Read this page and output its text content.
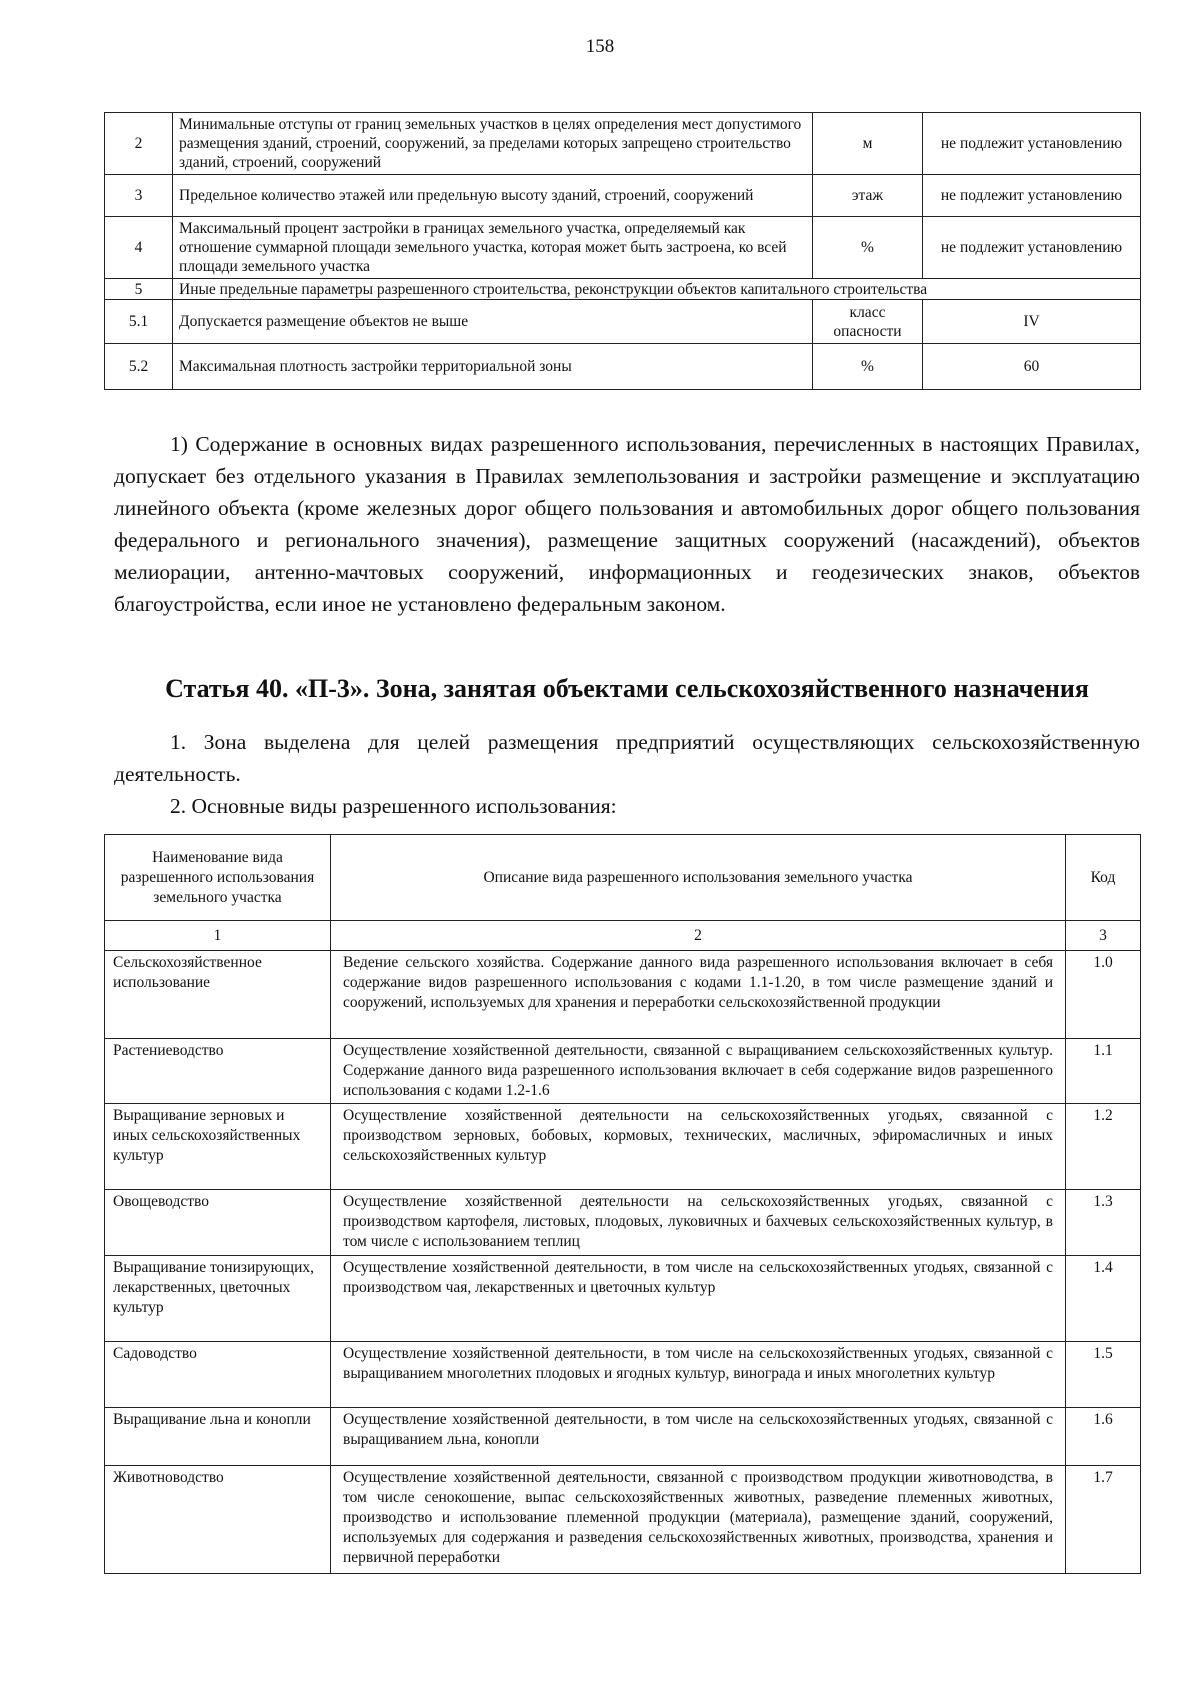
158
2	Минимальные отступы от границ земельных участков в целях определения мест допустимого размещения зданий, строений, сооружений, за пределами которых запрещено строительство зданий, строений, сооружений	м	не подлежит установлению
3	Предельное количество этажей или предельную высоту зданий, строений, сооружений	этаж	не подлежит установлению
4	Максимальный процент застройки в границах земельного участка, определяемый как отношение суммарной площади земельного участка, которая может быть застроена, ко всей площади земельного участка	%	не подлежит установлению
5	Иные предельные параметры разрешенного строительства, реконструкции объектов капитального строительства		
5.1	Допускается размещение объектов не выше	класс опасности	IV
5.2	Максимальная плотность застройки территориальной зоны	%	60
1) Содержание в основных видах разрешенного использования, перечисленных в настоящих Правилах, допускает без отдельного указания в Правилах землепользования и застройки размещение и эксплуатацию линейного объекта (кроме железных дорог общего пользования и автомобильных дорог общего пользования федерального и регионального значения), размещение защитных сооружений (насаждений), объектов мелиорации, антенно-мачтовых сооружений, информационных и геодезических знаков, объектов благоустройства, если иное не установлено федеральным законом.
Статья 40. «П-3». Зона, занятая объектами сельскохозяйственного назначения
1. Зона выделена для целей размещения предприятий осуществляющих сельскохозяйственную деятельность.
2. Основные виды разрешенного использования:
Наименование вида разрешенного использования земельного участка	Описание вида разрешенного использования земельного участка	Код
1	2	3
Сельскохозяйственное использование	Ведение сельского хозяйства. Содержание данного вида разрешенного использования включает в себя содержание видов разрешенного использования с кодами 1.1-1.20, в том числе размещение зданий и сооружений, используемых для хранения и переработки сельскохозяйственной продукции	1.0
Растениеводство	Осуществление хозяйственной деятельности, связанной с выращиванием сельскохозяйственных культур. Содержание данного вида разрешенного использования включает в себя содержание видов разрешенного использования с кодами 1.2-1.6	1.1
Выращивание зерновых и иных сельскохозяйственных культур	Осуществление хозяйственной деятельности на сельскохозяйственных угодьях, связанной с производством зерновых, бобовых, кормовых, технических, масличных, эфиромасличных и иных сельскохозяйственных культур	1.2
Овощеводство	Осуществление хозяйственной деятельности на сельскохозяйственных угодьях, связанной с производством картофеля, листовых, плодовых, луковичных и бахчевых сельскохозяйственных культур, в том числе с использованием теплиц	1.3
Выращивание тонизирующих, лекарственных, цветочных культур	Осуществление хозяйственной деятельности, в том числе на сельскохозяйственных угодьях, связанной с производством чая, лекарственных и цветочных культур	1.4
Садоводство	Осуществление хозяйственной деятельности, в том числе на сельскохозяйственных угодьях, связанной с выращиванием многолетних плодовых и ягодных культур, винограда и иных многолетних культур	1.5
Выращивание льна и конопли	Осуществление хозяйственной деятельности, в том числе на сельскохозяйственных угодьях, связанной с выращиванием льна, конопли	1.6
Животноводство	Осуществление хозяйственной деятельности, связанной с производством продукции животноводства, в том числе сенокошение, выпас сельскохозяйственных животных, разведение племенных животных, производство и использование племенной продукции (материала), размещение зданий, сооружений, используемых для содержания и разведения сельскохозяйственных животных, производства, хранения и первичной переработки	1.7
